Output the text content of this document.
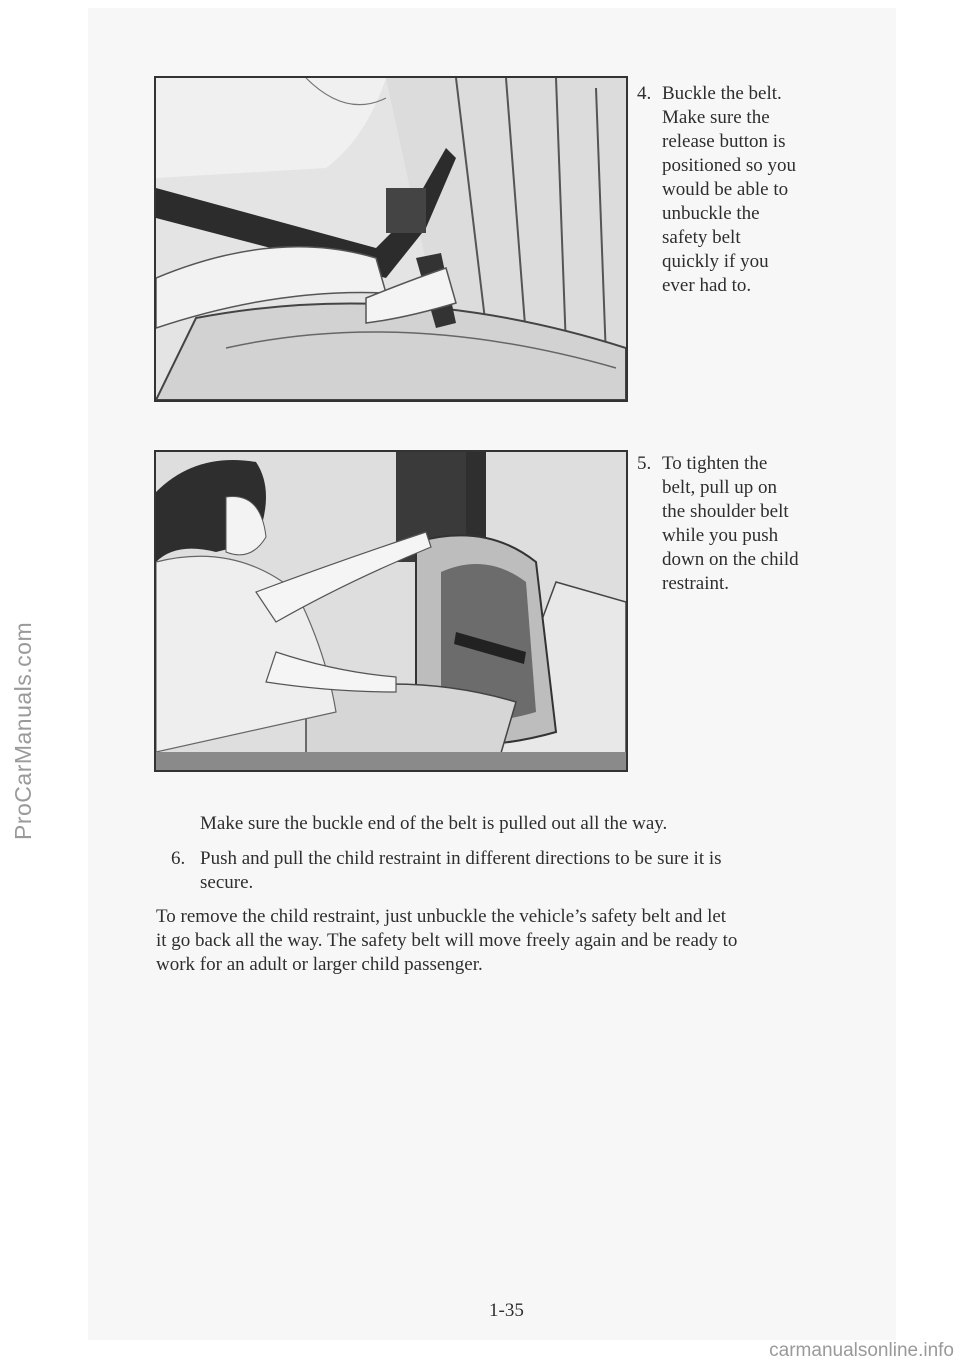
ProCarManuals.com
4. Buckle the belt.
Make sure the
release button is
positioned so you
would be able to
unbuckle the
safety belt
quickly if you
ever had to.
5. To tighten the
belt, pull up on
the shoulder belt
while you push
down on the child
restraint.
Make sure the buckle end of the belt is pulled out all the way.
6. Push and pull the child restraint in different directions to be sure it is
secure.
To remove the child restraint, just unbuckle the vehicle’s safety belt and let
it go back all the way. The safety belt will move freely again and be ready to
work for an adult or larger child passenger.
1-35
carmanualsonline.info
